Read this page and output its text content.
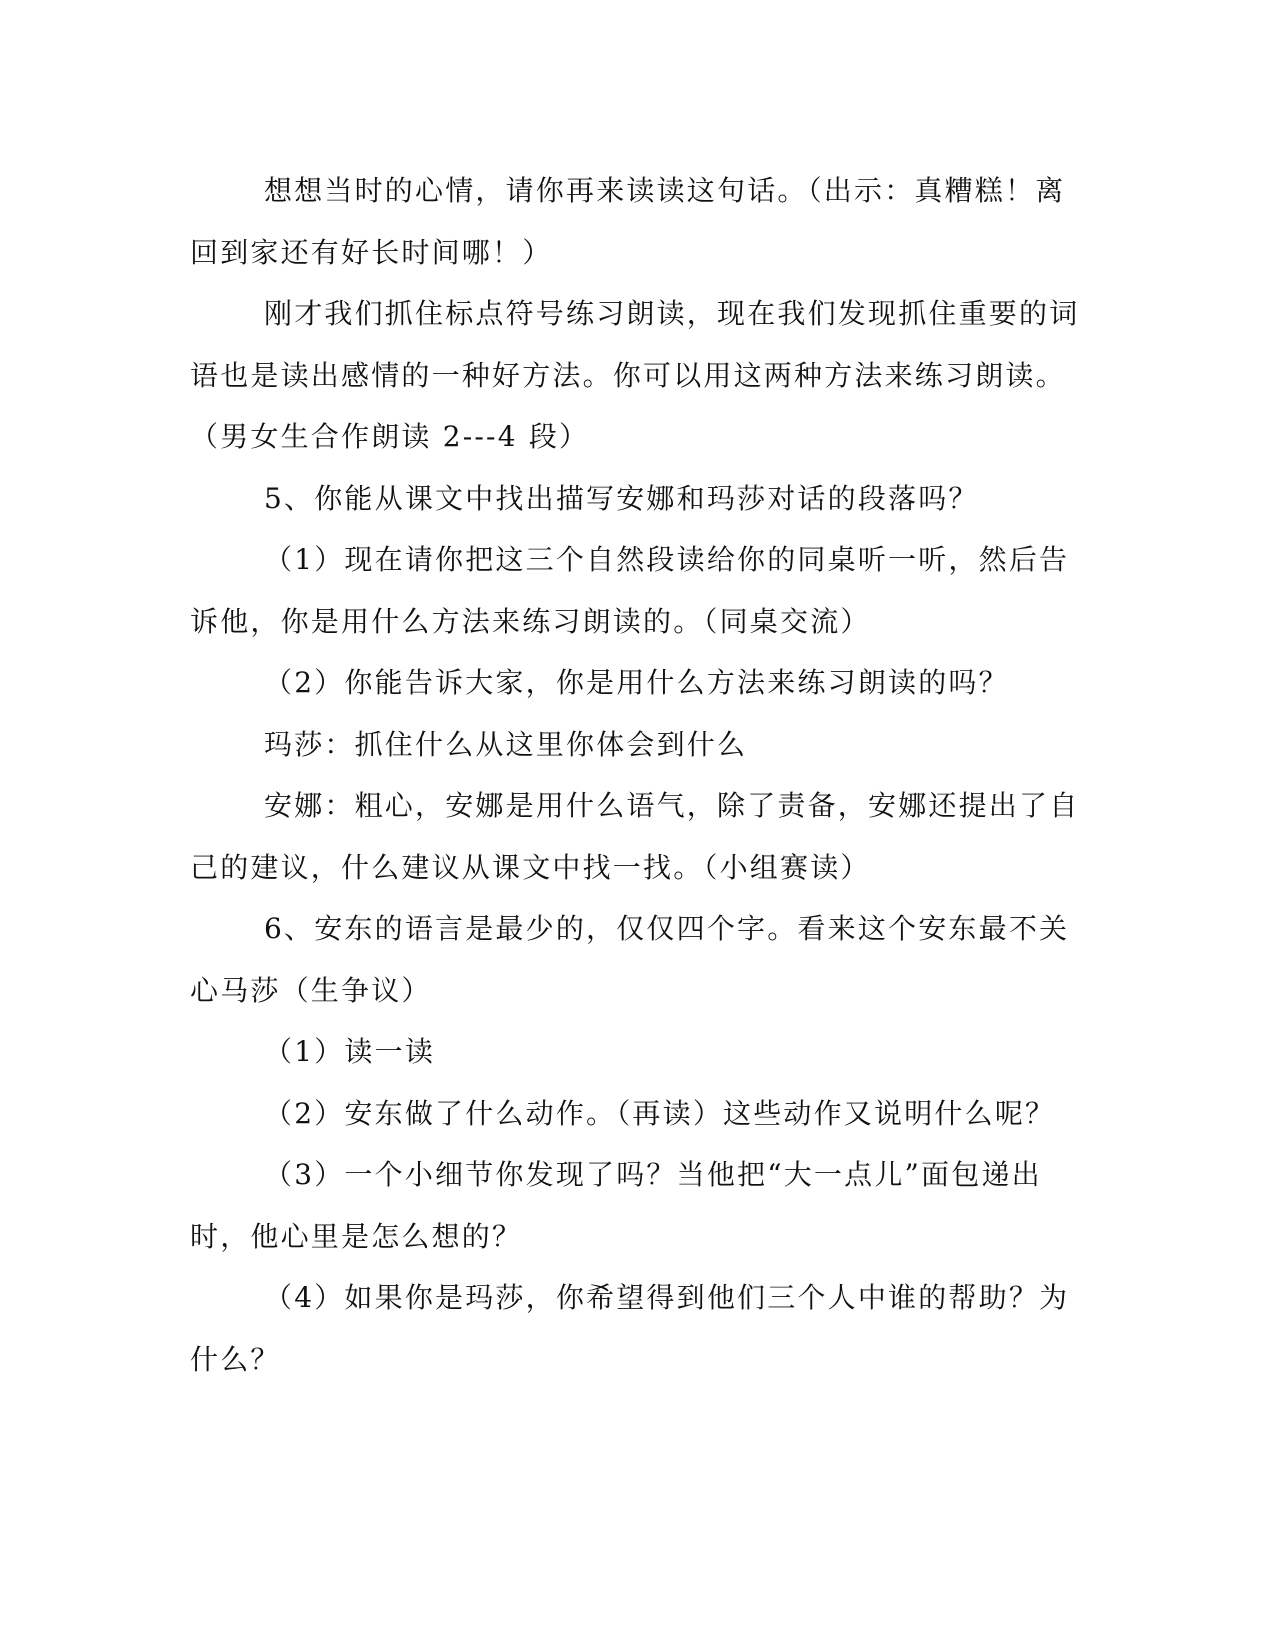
想想当时的心情，请你再来读读这句话。（出示：真糟糕！离回到家还有好长时间哪！）

刚才我们抓住标点符号练习朗读，现在我们发现抓住重要的词语也是读出感情的一种好方法。你可以用这两种方法来练习朗读。（男女生合作朗读 2---4 段）

5、你能从课文中找出描写安娜和玛莎对话的段落吗？

（1）现在请你把这三个自然段读给你的同桌听一听，然后告诉他，你是用什么方法来练习朗读的。（同桌交流）

（2）你能告诉大家，你是用什么方法来练习朗读的吗？

玛莎：抓住什么从这里你体会到什么

安娜：粗心，安娜是用什么语气，除了责备，安娜还提出了自己的建议，什么建议从课文中找一找。（小组赛读）

6、安东的语言是最少的，仅仅四个字。看来这个安东最不关心马莎（生争议）

（1）读一读

（2）安东做了什么动作。（再读）这些动作又说明什么呢？

（3）一个小细节你发现了吗？当他把“大一点儿”面包递出时，他心里是怎么想的？

（4）如果你是玛莎，你希望得到他们三个人中谁的帮助？为什么？
